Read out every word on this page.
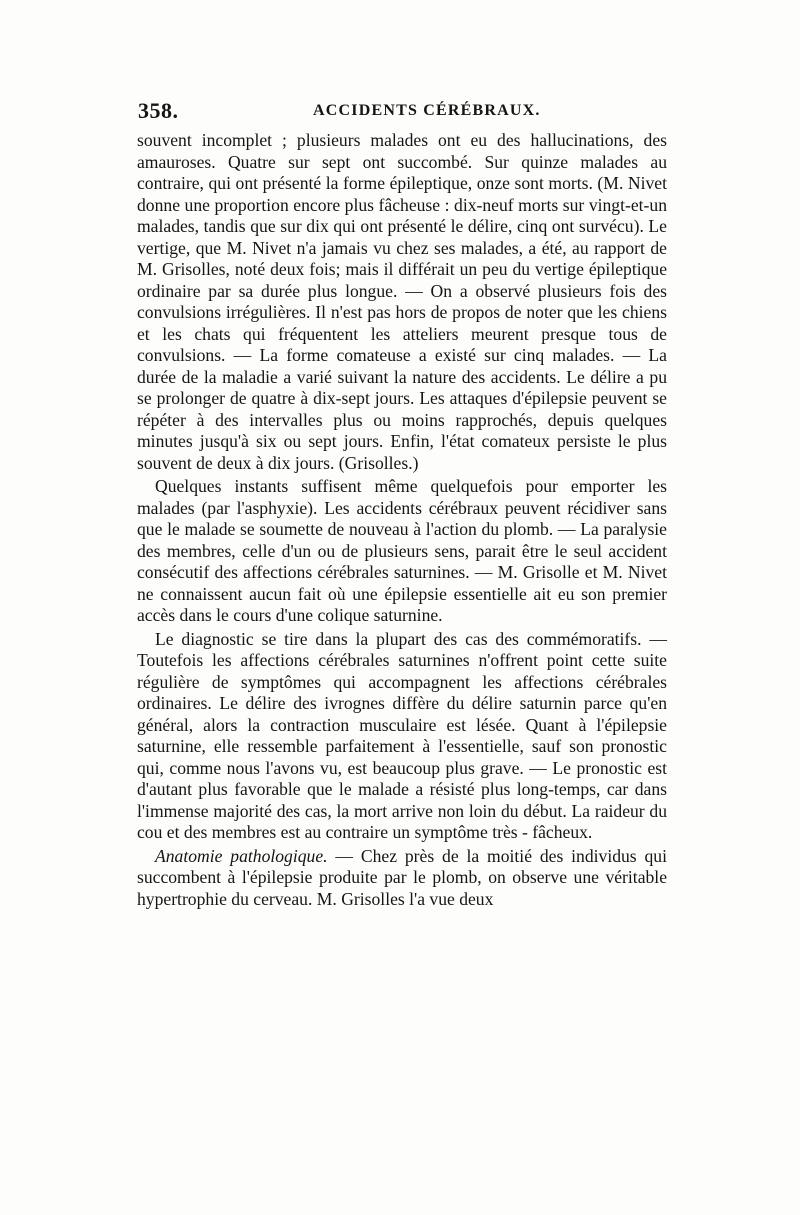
358.	ACCIDENTS CÉRÉBRAUX.

souvent incomplet ; plusieurs malades ont eu des hallucinations, des amauroses. Quatre sur sept ont succombé. Sur quinze malades au contraire, qui ont présenté la forme épileptique, onze sont morts. (M. Nivet donne une proportion encore plus fâcheuse : dix-neuf morts sur vingt-et-un malades, tandis que sur dix qui ont présenté le délire, cinq ont survécu). Le vertige, que M. Nivet n'a jamais vu chez ses malades, a été, au rapport de M. Grisolles, noté deux fois; mais il différait un peu du vertige épileptique ordinaire par sa durée plus longue. — On a observé plusieurs fois des convulsions irrégulières. Il n'est pas hors de propos de noter que les chiens et les chats qui fréquentent les atteliers meurent presque tous de convulsions. — La forme comateuse a existé sur cinq malades. — La durée de la maladie a varié suivant la nature des accidents. Le délire a pu se prolonger de quatre à dix-sept jours. Les attaques d'épilepsie peuvent se répéter à des intervalles plus ou moins rapprochés, depuis quelques minutes jusqu'à six ou sept jours. Enfin, l'état comateux persiste le plus souvent de deux à dix jours. (Grisolles.)

Quelques instants suffisent même quelquefois pour emporter les malades (par l'asphyxie). Les accidents cérébraux peuvent récidiver sans que le malade se soumette de nouveau à l'action du plomb. — La paralysie des membres, celle d'un ou de plusieurs sens, parait être le seul accident consécutif des affections cérébrales saturnines. — M. Grisolle et M. Nivet ne connaissent aucun fait où une épilepsie essentielle ait eu son premier accès dans le cours d'une colique saturnine.

Le diagnostic se tire dans la plupart des cas des commémoratifs. — Toutefois les affections cérébrales saturnines n'offrent point cette suite régulière de symptômes qui accompagnent les affections cérébrales ordinaires. Le délire des ivrognes diffère du délire saturnin parce qu'en général, alors la contraction musculaire est lésée. Quant à l'épilepsie saturnine, elle ressemble parfaitement à l'essentielle, sauf son pronostic qui, comme nous l'avons vu, est beaucoup plus grave. — Le pronostic est d'autant plus favorable que le malade a résisté plus long-temps, car dans l'immense majorité des cas, la mort arrive non loin du début. La raideur du cou et des membres est au contraire un symptôme très - fâcheux.

Anatomie pathologique. — Chez près de la moitié des individus qui succombent à l'épilepsie produite par le plomb, on observe une véritable hypertrophie du cerveau. M. Grisolles l'a vue deux
